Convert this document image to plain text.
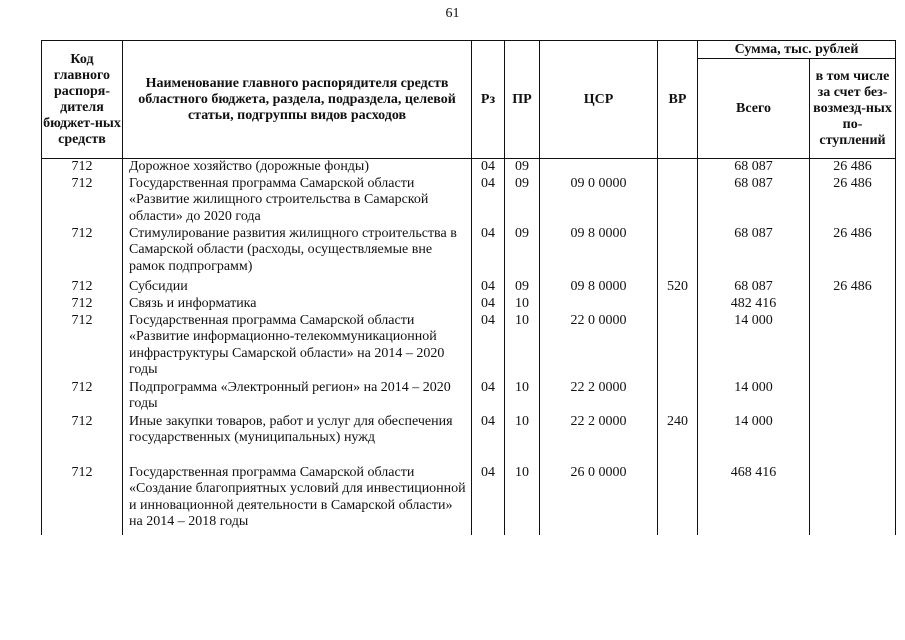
61
Код главного распоря-дителя бюджет-ных средств	Наименование главного распорядителя средств областного бюджета, раздела, подраздела, целевой статьи, подгруппы видов расходов	Рз	ПР	ЦСР	ВР	Сумма, тыс. рублей	
						Всего	в том числе за счет без-возмезд-ных по-ступлений
712	Дорожное хозяйство (дорожные фонды)	04	09			68 087	26 486
712	Государственная программа Самарской области «Развитие жилищного строительства в Самарской области» до 2020 года	04	09	09 0 0000		68 087	26 486
712	Стимулирование развития жилищного строительства в Самарской области (расходы, осуществляемые вне рамок подпрограмм)	04	09	09 8 0000		68 087	26 486
712	Субсидии	04	09	09 8 0000	520	68 087	26 486
712	Связь и информатика	04	10			482 416	
712	Государственная программа Самарской области «Развитие информационно-телекоммуникационной инфраструктуры Самарской области» на 2014 – 2020 годы	04	10	22 0 0000		14 000	
712	Подпрограмма «Электронный регион» на 2014 – 2020 годы	04	10	22 2 0000		14 000	
712	Иные закупки товаров, работ и услуг для обеспечения государственных (муниципальных) нужд	04	10	22 2 0000	240	14 000	
712	Государственная программа Самарской области «Создание благоприятных условий для инвестиционной и инновационной деятельности в Самарской области» на 2014 – 2018 годы	04	10	26 0 0000		468 416	
